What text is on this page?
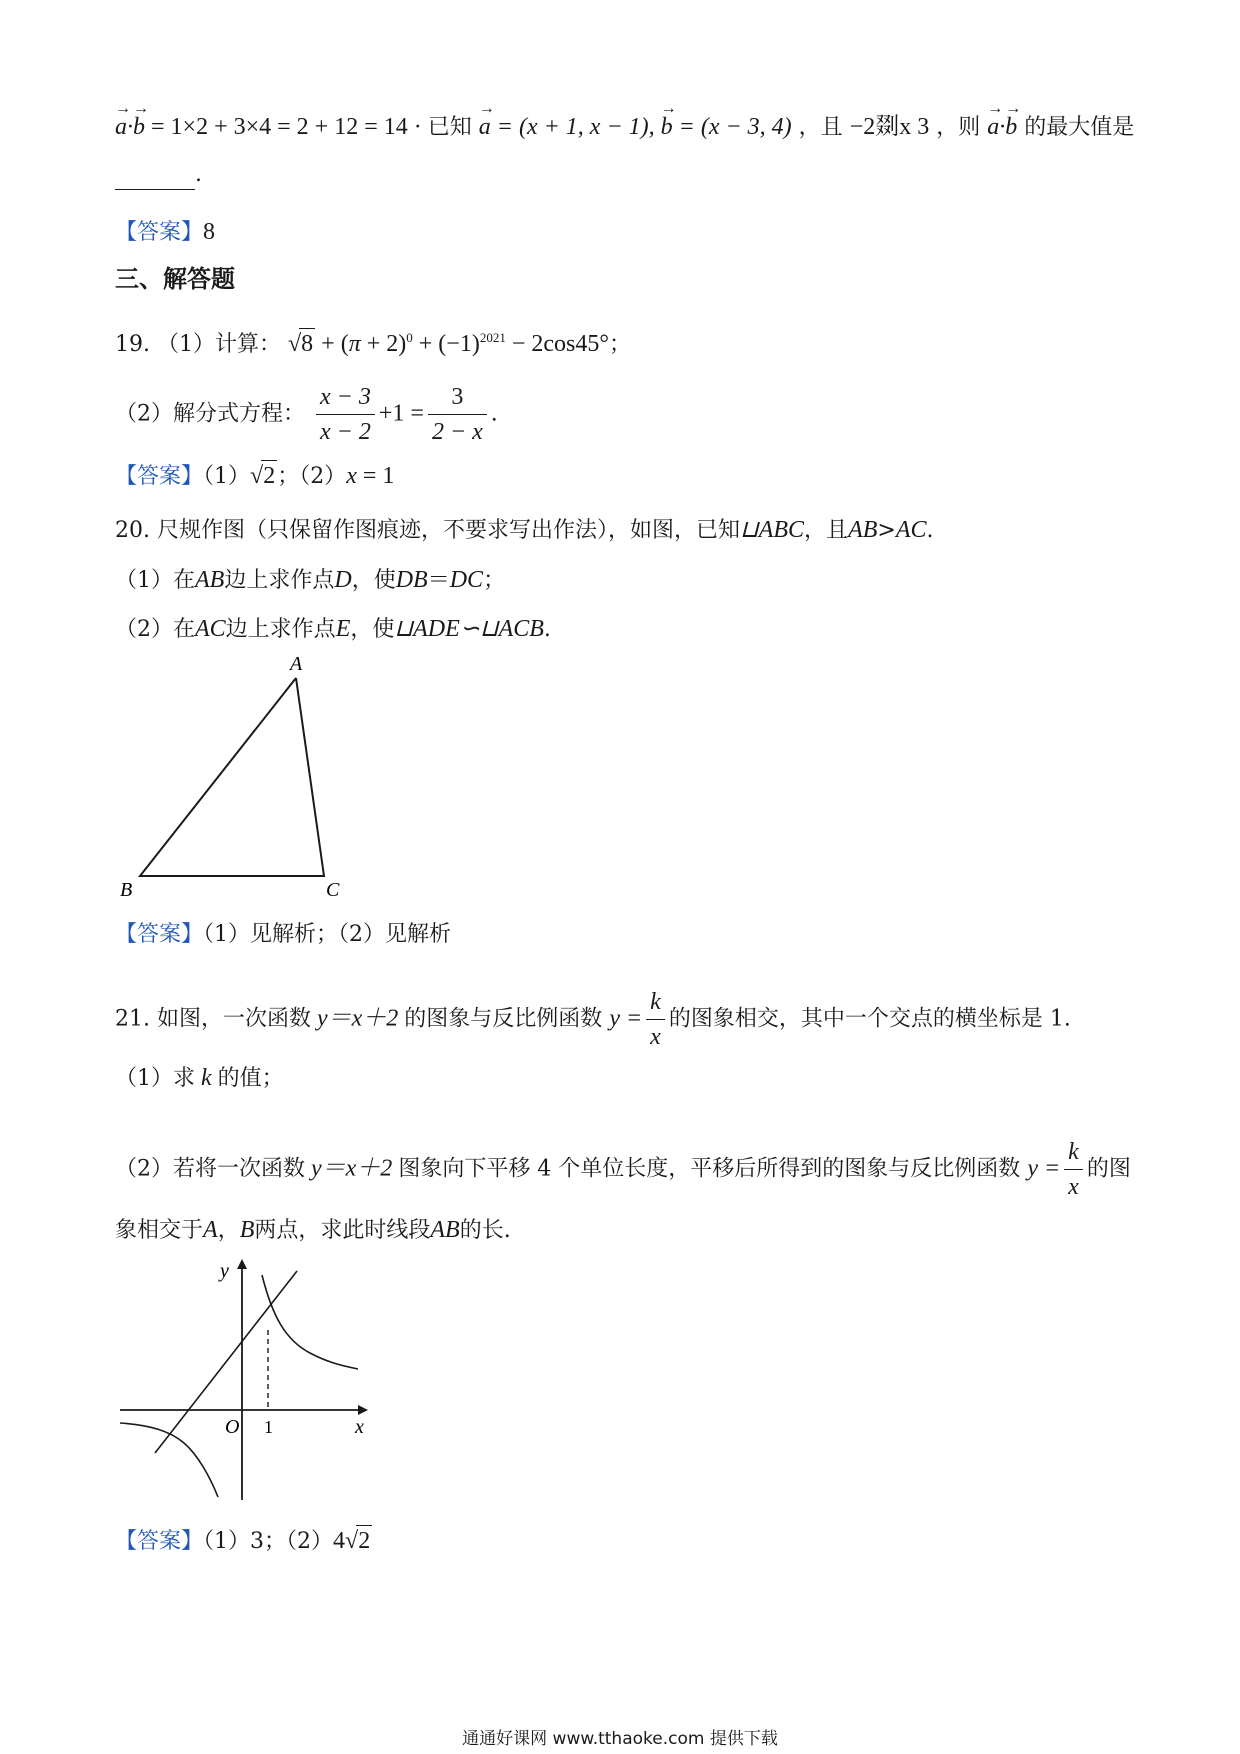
→ a·→ b = 1×2 + 3×4 = 2 + 12 = 14 · 已知 → a = (x + 1, x − 1), → b = (x − 3, 4) ，且 −2剟x 3 ，则 → a·→ b 的最大值是
.
【答案】8
三、解答题
19. （1）计算： $√8 + (\pi + 2)^0 + (-1)^{2021} - 2\cos 45^\circ$；
（2）解分式方程： $\frac{x - 3}{x - 2} +1 = \frac{3}{2 - x}$ .
【答案】（1）√2；（2）x = 1
20. 尺规作图（只保留作图痕迹，不要求写出作法），如图，已知⊔ABC，且AB>AC.
（1）在AB边上求作点D，使DB＝DC；
（2）在AC边上求作点E，使⊔ADE∽⊔ACB.
A
B	C
【答案】（1）见解析；（2）见解析
21. 如图，一次函数 y＝x＋2 的图象与反比例函数 $y = \frac{k}{x}$ 的图象相交，其中一个交点的横坐标是 1.
（1）求 k 的值；
（2）若将一次函数 y＝x＋2 图象向下平移 4 个单位长度，平移后所得到的图象与反比例函数 $y = \frac{k}{x}$ 的图
象相交于A，B两点，求此时线段AB的长.
y
x
O 1
【答案】（1）3；（2）4√2
通通好课网 www.tthaoke.com 提供下载
